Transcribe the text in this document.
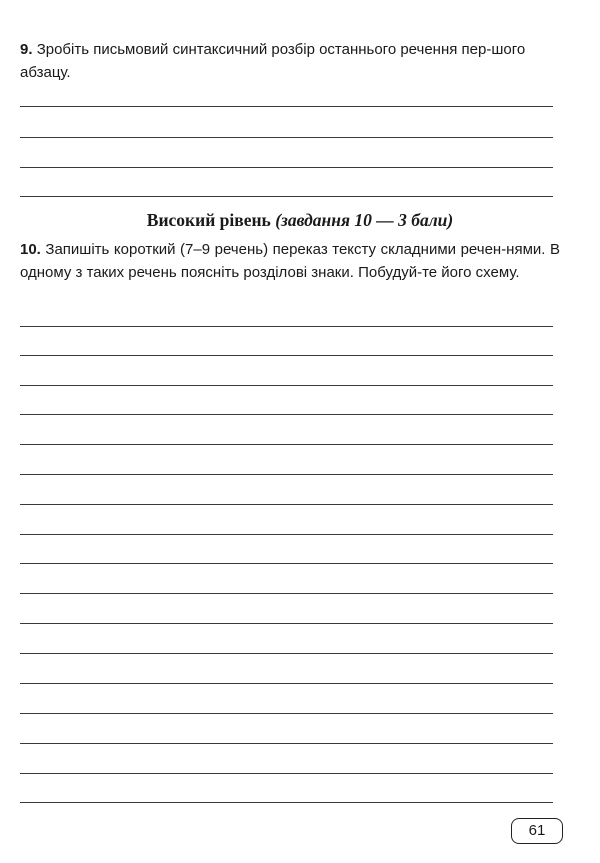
9. Зробіть письмовий синтаксичний розбір останнього речення пер-шого абзацу.
Високий рівень (завдання 10 — 3 бали)
10. Запишіть короткий (7–9 речень) переказ тексту складними речен-нями. В одному з таких речень поясніть розділові знаки. Побудуй-те його схему.
61
